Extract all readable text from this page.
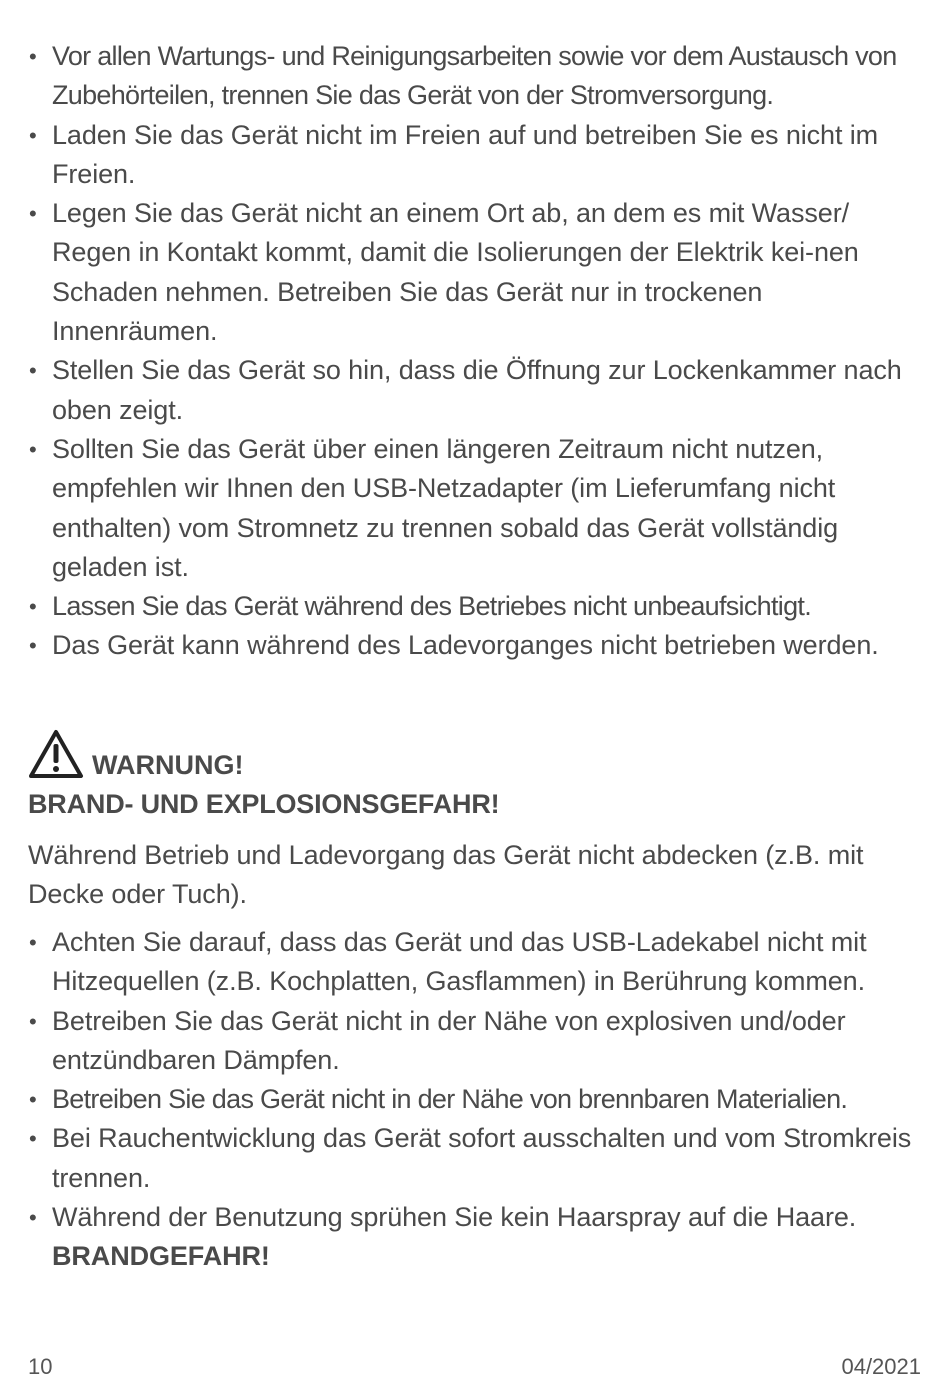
• Vor allen Wartungs- und Reinigungsarbeiten sowie vor dem Austausch von Zubehörteilen, trennen Sie das Gerät von der Stromversorgung.
• Laden Sie das Gerät nicht im Freien auf und betreiben Sie es nicht im Freien.
• Legen Sie das Gerät nicht an einem Ort ab, an dem es mit Wasser/ Regen in Kontakt kommt, damit die Isolierungen der Elektrik kei-nen Schaden nehmen. Betreiben Sie das Gerät nur in trockenen Innenräumen.
• Stellen Sie das Gerät so hin, dass die Öffnung zur Lockenkammer nach oben zeigt.
• Sollten Sie das Gerät über einen längeren Zeitraum nicht nutzen, empfehlen wir Ihnen den USB-Netzadapter (im Lieferumfang nicht enthalten) vom Stromnetz zu trennen sobald das Gerät vollständig geladen ist.
• Lassen Sie das Gerät während des Betriebes nicht unbeaufsichtigt.
• Das Gerät kann während des Ladevorganges nicht betrieben werden.
WARNUNG!
BRAND- UND EXPLOSIONSGEFAHR!

Während Betrieb und Ladevorgang das Gerät nicht abdecken (z.B. mit Decke oder Tuch).

• Achten Sie darauf, dass das Gerät und das USB-Ladekabel nicht mit Hitzequellen (z.B. Kochplatten, Gasflammen) in Berührung kommen.
• Betreiben Sie das Gerät nicht in der Nähe von explosiven und/oder entzündbaren Dämpfen.
• Betreiben Sie das Gerät nicht in der Nähe von brennbaren Materialien.
• Bei Rauchentwicklung das Gerät sofort ausschalten und vom Stromkreis trennen.
• Während der Benutzung sprühen Sie kein Haarspray auf die Haare.
BRANDGEFAHR!
10	04/2021
